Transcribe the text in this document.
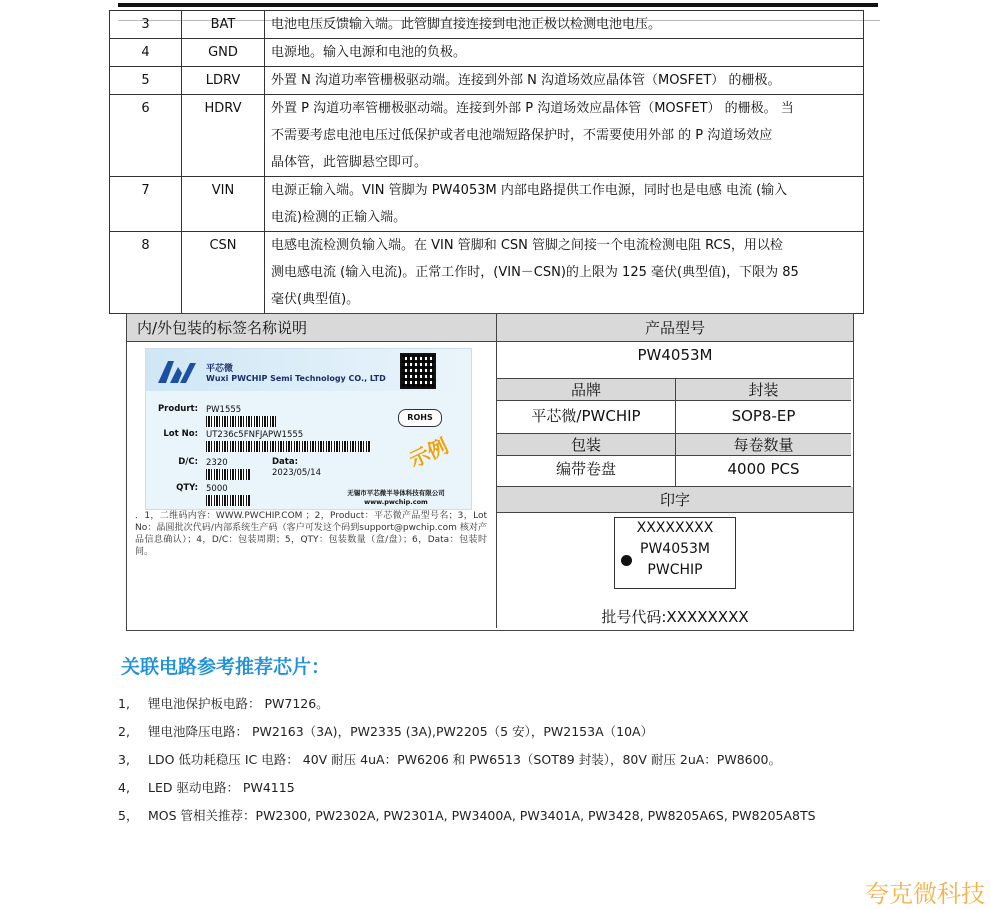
3	BAT	电池电压反馈输入端。此管脚直接连接到电池正极以检测电池电压。

4	GND	电源地。输入电源和电池的负极。

5	LDRV	外置 N 沟道功率管栅极驱动端。连接到外部 N 沟道场效应晶体管（MOSFET） 的栅极。

6	HDRV	外置 P 沟道功率管栅极驱动端。连接到外部 P 沟道场效应晶体管（MOSFET） 的栅极。 当
不需要考虑电池电压过低保护或者电池端短路保护时，不需要使用外部 的 P 沟道场效应
晶体管，此管脚悬空即可。

7	VIN	电源正输入端。VIN 管脚为 PW4053M 内部电路提供工作电源，同时也是电感 电流 (输入
电流)检测的正输入端。

8	CSN	电感电流检测负输入端。在 VIN 管脚和 CSN 管脚之间接一个电流检测电阻 RCS，用以检
测电感电流 (输入电流)。正常工作时，(VIN－CSN)的上限为 125 毫伏(典型值)，下限为 85
毫伏(典型值)。
内/外包装的标签名称说明
平芯微
Wuxi PWCHIP Semi Technology CO., LTD
Produrt: PW1555
Lot No: UT236c5FNFJAPW1555
D/C: 2320	Data:
2023/05/14
QTY: 5000
ROHS
示例
无锡市平芯微半导体科技有限公司
www.pwchip.com
．1，二维码内容：WWW.PWCHIP.COM ；2，Product：平芯微产品型号名；3，Lot No：晶圆批次代码/内部系统生产码（客户可发这个码到support@pwchip.com 核对产品信息确认）；4，D/C：包装周期；5，QTY：包装数量（盒/盘）；6，Data：包装时间。
产品型号
PW4053M
品牌	封装
平芯微/PWCHIP	SOP8-EP
包装	每卷数量
编带卷盘	4000 PCS
印字
XXXXXXXX
PW4053M
PWCHIP
批号代码:XXXXXXXX
关联电路参考推荐芯片：
1, 锂电池保护板电路： PW7126。
2, 锂电池降压电路： PW2163（3A)，PW2335 (3A),PW2205（5 安），PW2153A（10A）
3, LDO 低功耗稳压 IC 电路： 40V 耐压 4uA：PW6206 和 PW6513（SOT89 封装），80V 耐压 2uA：PW8600。
4, LED 驱动电路： PW4115
5， MOS 管相关推荐：PW2300, PW2302A, PW2301A, PW3400A, PW3401A, PW3428, PW8205A6S, PW8205A8TS
夸克微科技
